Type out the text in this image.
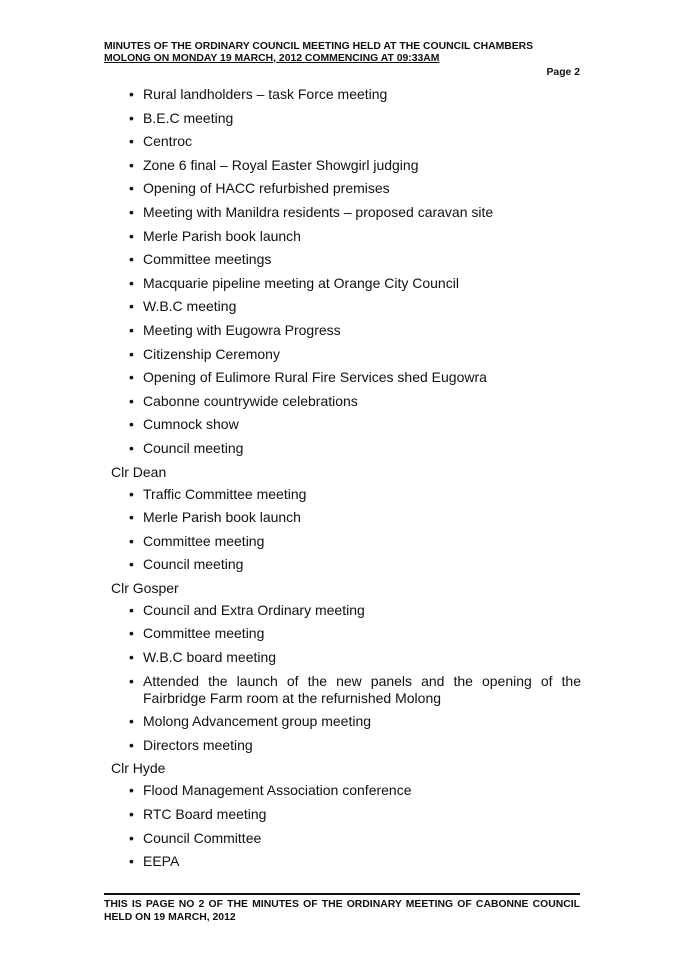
MINUTES OF THE ORDINARY COUNCIL MEETING HELD AT THE COUNCIL CHAMBERS
MOLONG ON MONDAY 19 MARCH, 2012 COMMENCING AT 09:33AM
Page 2
• Rural landholders – task Force meeting
• B.E.C meeting
• Centroc
• Zone 6 final – Royal Easter Showgirl judging
• Opening of HACC refurbished premises
• Meeting with Manildra residents – proposed caravan site
• Merle Parish book launch
• Committee meetings
• Macquarie pipeline meeting at Orange City Council
• W.B.C meeting
• Meeting with Eugowra Progress
• Citizenship Ceremony
• Opening of Eulimore Rural Fire Services shed Eugowra
• Cabonne countrywide celebrations
• Cumnock show
• Council meeting
Clr Dean
• Traffic Committee meeting
• Merle Parish book launch
• Committee meeting
• Council meeting
Clr Gosper
• Council and Extra Ordinary meeting
• Committee meeting
• W.B.C board meeting
• Attended the launch of the new panels and the opening of the Fairbridge Farm room at the refurnished Molong
• Molong Advancement group meeting
• Directors meeting
Clr Hyde
• Flood Management Association conference
• RTC Board meeting
• Council Committee
• EEPA
THIS IS PAGE NO 2 OF THE MINUTES OF THE ORDINARY MEETING OF CABONNE COUNCIL HELD ON 19 MARCH, 2012
